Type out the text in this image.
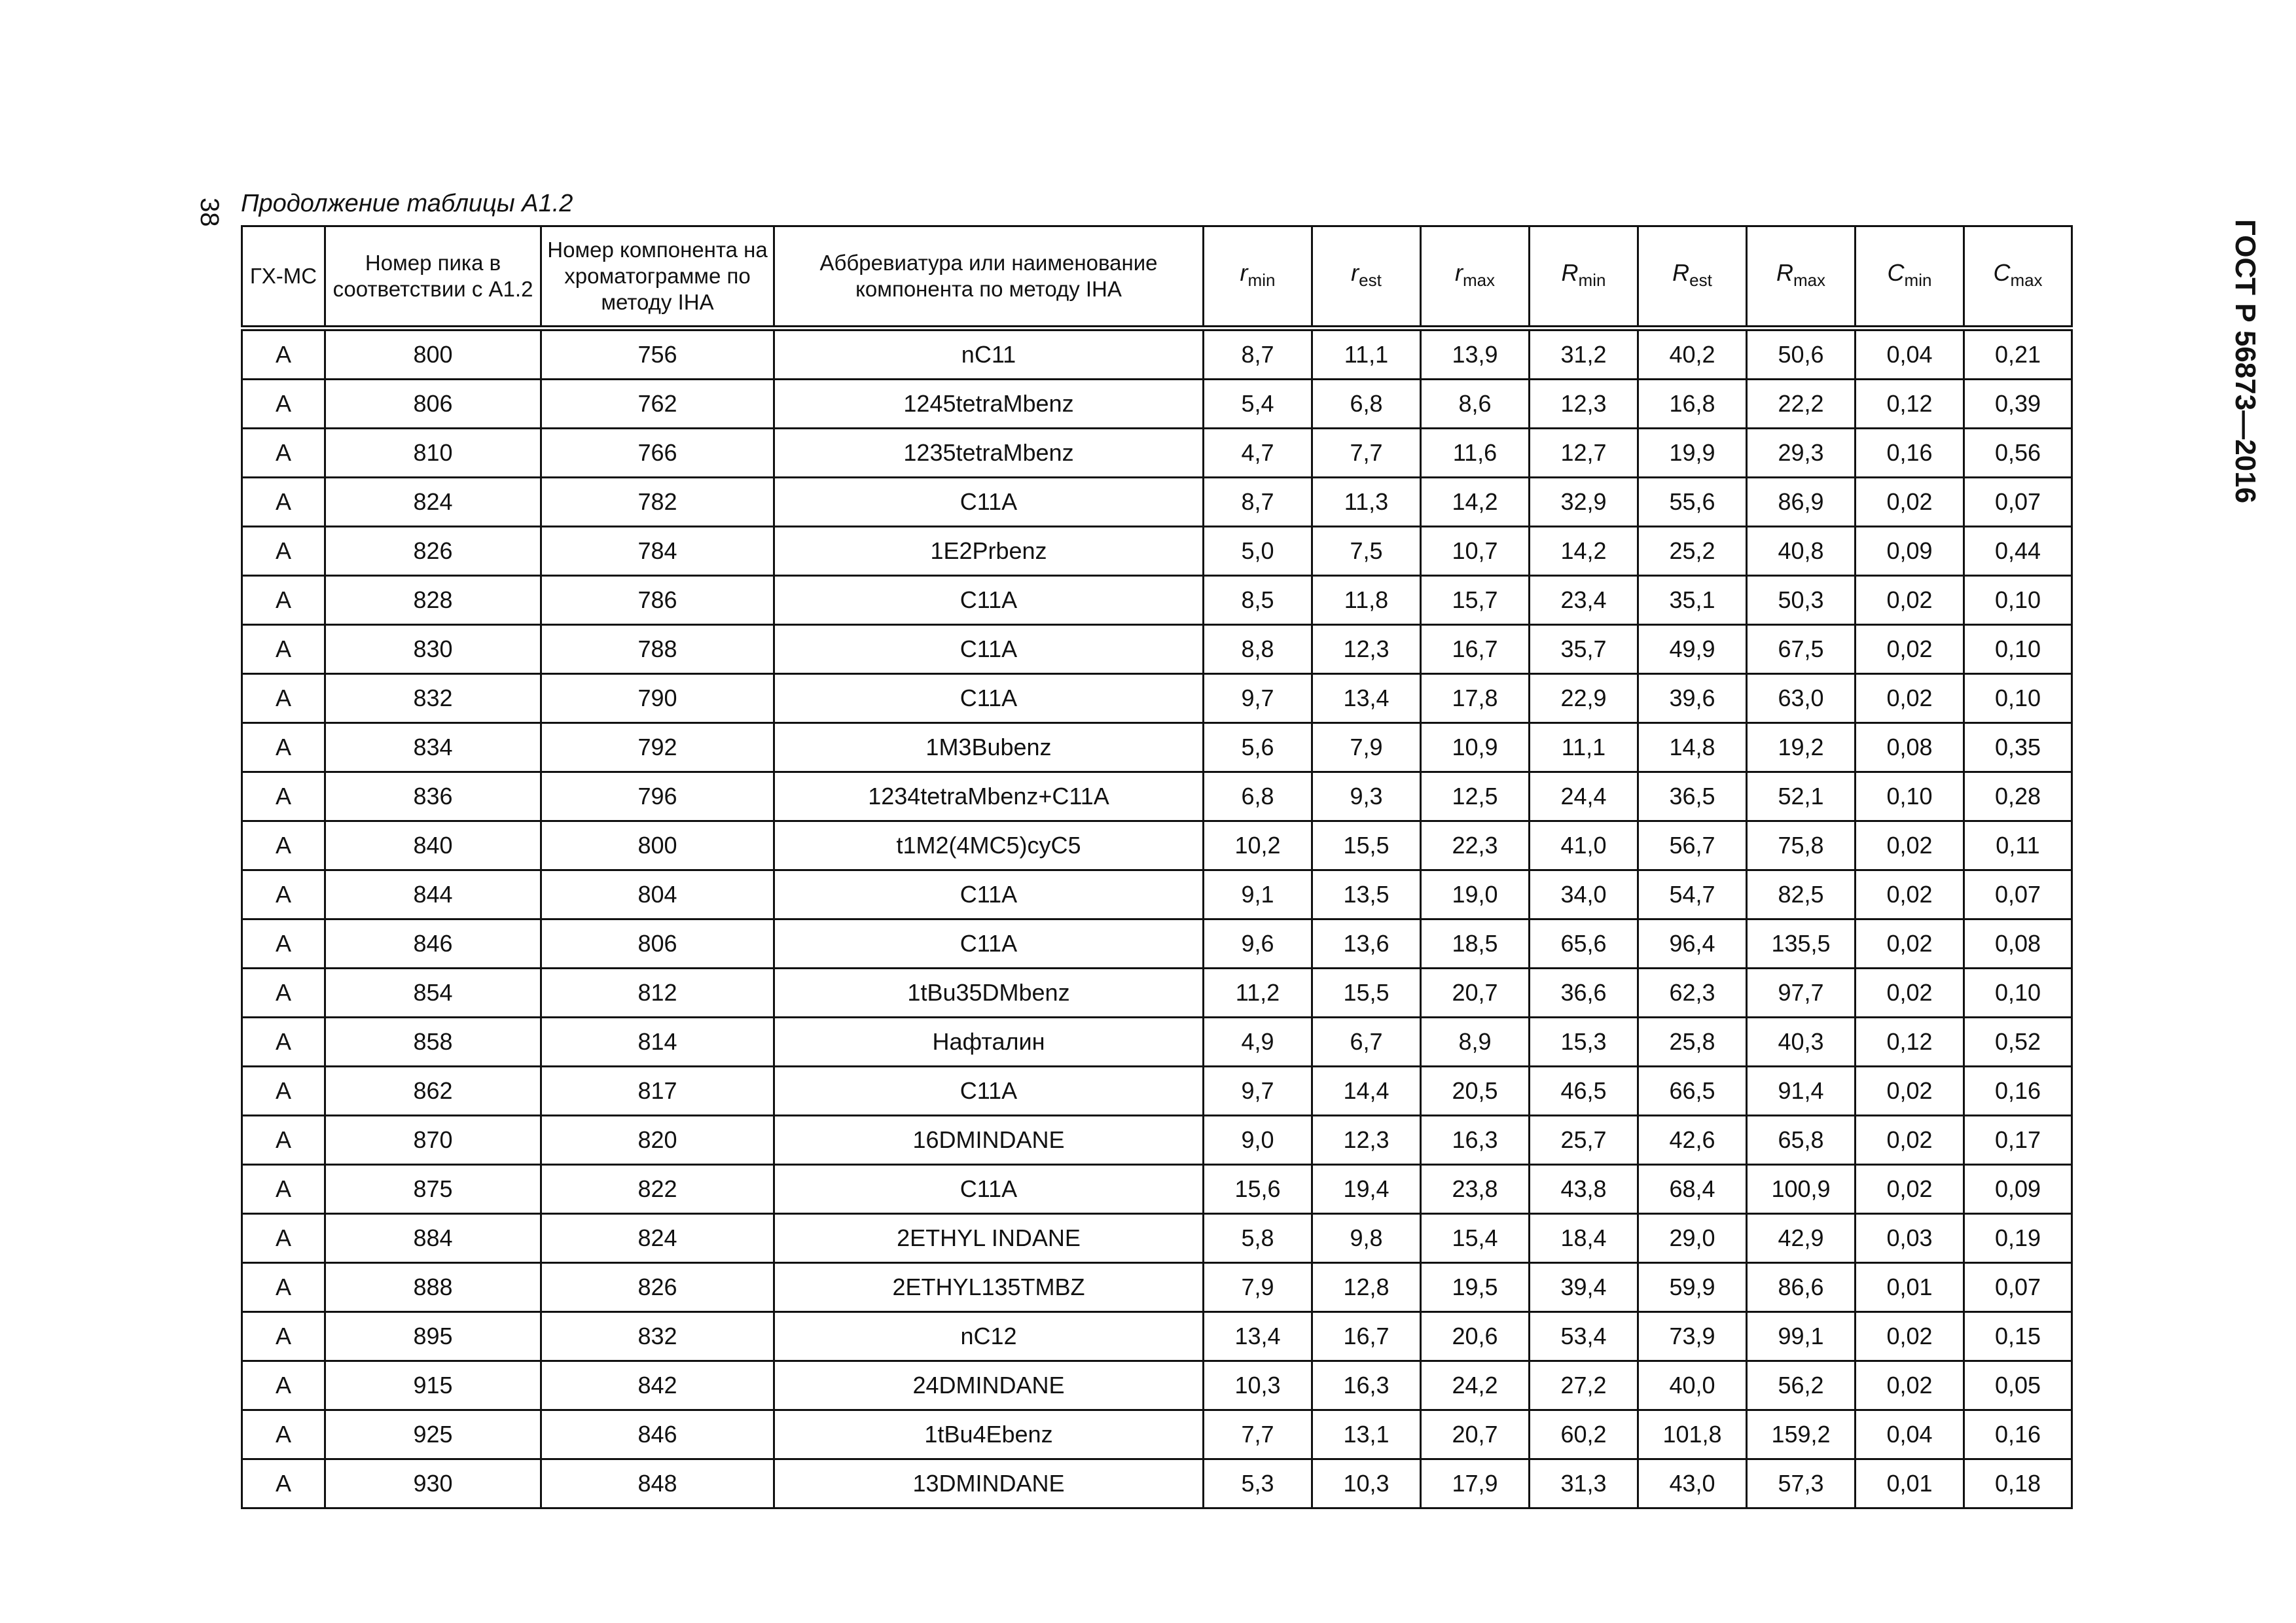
38 Продолжение таблицы А1.2
ГОСТ Р 56873—2016
ГХ-МС	Номер пика в соответствии с А1.2	Номер компонента на хроматограмме по методу IHA	Аббревиатура или наименование компонента по методу IHA	$r_{min}$	$r_{est}$	$r_{max}$	$R_{min}$	$R_{est}$	$R_{max}$	$C_{min}$	$C_{max}$
A	800	756	nC11	8,7	11,1	13,9	31,2	40,2	50,6	0,04	0,21
A	806	762	1245tetraMbenz	5,4	6,8	8,6	12,3	16,8	22,2	0,12	0,39
A	810	766	1235tetraMbenz	4,7	7,7	11,6	12,7	19,9	29,3	0,16	0,56
A	824	782	C11A	8,7	11,3	14,2	32,9	55,6	86,9	0,02	0,07
A	826	784	1E2Prbenz	5,0	7,5	10,7	14,2	25,2	40,8	0,09	0,44
A	828	786	C11A	8,5	11,8	15,7	23,4	35,1	50,3	0,02	0,10
A	830	788	C11A	8,8	12,3	16,7	35,7	49,9	67,5	0,02	0,10
A	832	790	C11A	9,7	13,4	17,8	22,9	39,6	63,0	0,02	0,10
A	834	792	1M3Bubenz	5,6	7,9	10,9	11,1	14,8	19,2	0,08	0,35
A	836	796	1234tetraMbenz+C11A	6,8	9,3	12,5	24,4	36,5	52,1	0,10	0,28
A	840	800	t1M2(4MC5)cyC5	10,2	15,5	22,3	41,0	56,7	75,8	0,02	0,11
A	844	804	C11A	9,1	13,5	19,0	34,0	54,7	82,5	0,02	0,07
A	846	806	C11A	9,6	13,6	18,5	65,6	96,4	135,5	0,02	0,08
A	854	812	1tBu35DMbenz	11,2	15,5	20,7	36,6	62,3	97,7	0,02	0,10
A	858	814	Нафталин	4,9	6,7	8,9	15,3	25,8	40,3	0,12	0,52
A	862	817	C11A	9,7	14,4	20,5	46,5	66,5	91,4	0,02	0,16
A	870	820	16DMINDANE	9,0	12,3	16,3	25,7	42,6	65,8	0,02	0,17
A	875	822	C11A	15,6	19,4	23,8	43,8	68,4	100,9	0,02	0,09
A	884	824	2ETHYL INDANE	5,8	9,8	15,4	18,4	29,0	42,9	0,03	0,19
A	888	826	2ETHYL135TMBZ	7,9	12,8	19,5	39,4	59,9	86,6	0,01	0,07
A	895	832	nC12	13,4	16,7	20,6	53,4	73,9	99,1	0,02	0,15
A	915	842	24DMINDANE	10,3	16,3	24,2	27,2	40,0	56,2	0,02	0,05
A	925	846	1tBu4Ebenz	7,7	13,1	20,7	60,2	101,8	159,2	0,04	0,16
A	930	848	13DMINDANE	5,3	10,3	17,9	31,3	43,0	57,3	0,01	0,18
